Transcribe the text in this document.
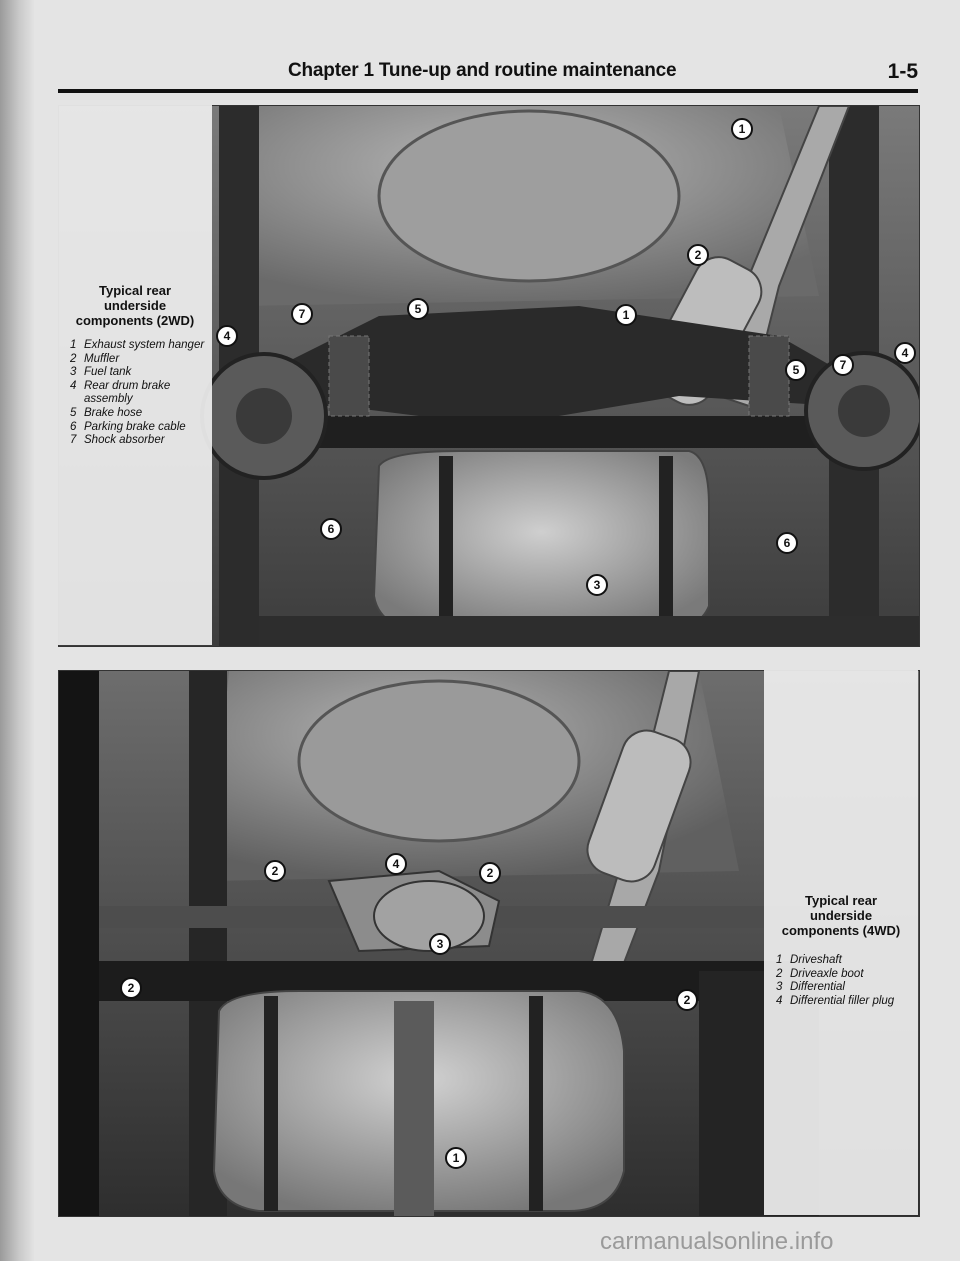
Chapter 1 Tune-up and routine maintenance	1-5
1
2
1
7	5
4
5	7
4
6
3
6
Typical rear
underside
components (2WD)
1 Exhaust system hanger
2 Muffler
3 Fuel tank
4 Rear drum brake assembly
5 Brake hose
6 Parking brake cable
7 Shock absorber
2	4
2
3
2
2
1
Typical rear
underside
components (4WD)
1 Driveshaft
2 Driveaxle boot
3 Differential
4 Differential filler plug
carmanualsonline.info
